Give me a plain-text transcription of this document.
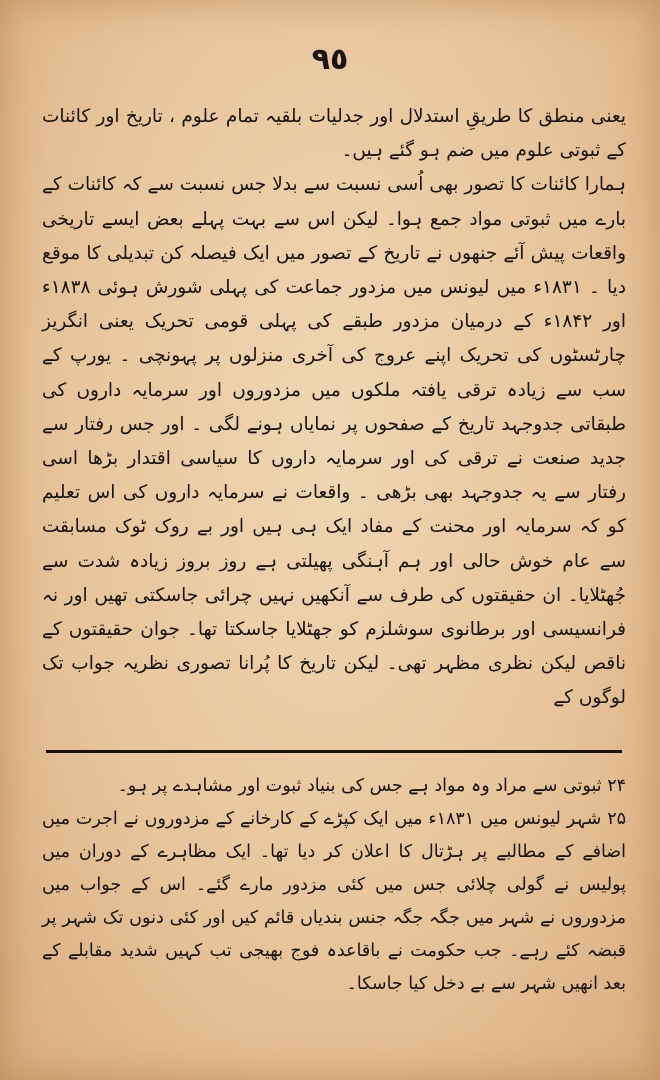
٩٥

یعنی منطق کا طریقِ استدلال اور جدلیات بلقیہ تمام علوم ، تاریخ اور کائنات کے ثبوتی علوم میں ضم ہو گئے ہیں۔

ہمارا کائنات کا تصور بھی اُسی نسبت سے بدلا جس نسبت سے کہ کائنات کے بارے میں ثبوتی مواد جمع ہوا۔ لیکن اس سے بہت پہلے بعض ایسے تاریخی واقعات پیش آئے جنھوں نے تاریخ کے تصور میں ایک فیصلہ کن تبدیلی کا موقع دیا ۔ ۱۸۳۱ء میں لیونس میں مزدور جماعت کی پہلی شورش ہوئی ۱۸۳۸ء اور ۱۸۴۲ء کے درمیان مزدور طبقے کی پہلی قومی تحریک یعنی انگریز چارٹسٹوں کی تحریک اپنے عروج کی آخری منزلوں پر پہونچی ۔ یورپ کے سب سے زیادہ ترقی یافتہ ملکوں میں مزدوروں اور سرمایہ داروں کی طبقاتی جدوجہد تاریخ کے صفحوں پر نمایاں ہونے لگی ۔ اور جس رفتار سے جدید صنعت نے ترقی کی اور سرمایہ داروں کا سیاسی اقتدار بڑھا اسی رفتار سے یہ جدوجہد بھی بڑھی ۔ واقعات نے سرمایہ داروں کی اس تعلیم کو کہ سرمایہ اور محنت کے مفاد ایک ہی ہیں اور بے روک ٹوک مسابقت سے عام خوش حالی اور ہم آہنگی پھیلتی ہے روز بروز زیادہ شدت سے جُھٹلایا۔ ان حقیقتوں کی طرف سے آنکھیں نہیں چرائی جاسکتی تھیں اور نہ فرانسیسی اور برطانوی سوشلزم کو جھٹلایا جاسکتا تھا۔ جوان حقیقتوں کے ناقص لیکن نظری مظہر تھی۔ لیکن تاریخ کا پُرانا تصوری نظریہ جواب تک لوگوں کے

۲۴ ثبوتی سے مراد وہ مواد ہے جس کی بنیاد ثبوت اور مشاہدے پر ہو۔

۲۵ شہر لیونس میں ۱۸۳۱ء میں ایک کپڑے کے کارخانے کے مزدوروں نے اجرت میں اضافے کے مطالبے پر ہڑتال کا اعلان کر دیا تھا۔ ایک مظاہرے کے دوران میں پولیس نے گولی چلائی جس میں کئی مزدور مارے گئے۔ اس کے جواب میں مزدوروں نے شہر میں جگہ جگہ جنس بندیاں قائم کیں اور کئی دنوں تک شہر پر قبضہ کئے رہے۔ جب حکومت نے باقاعدہ فوج بھیجی تب کہیں شدید مقابلے کے بعد انھیں شہر سے بے دخل کیا جاسکا۔
